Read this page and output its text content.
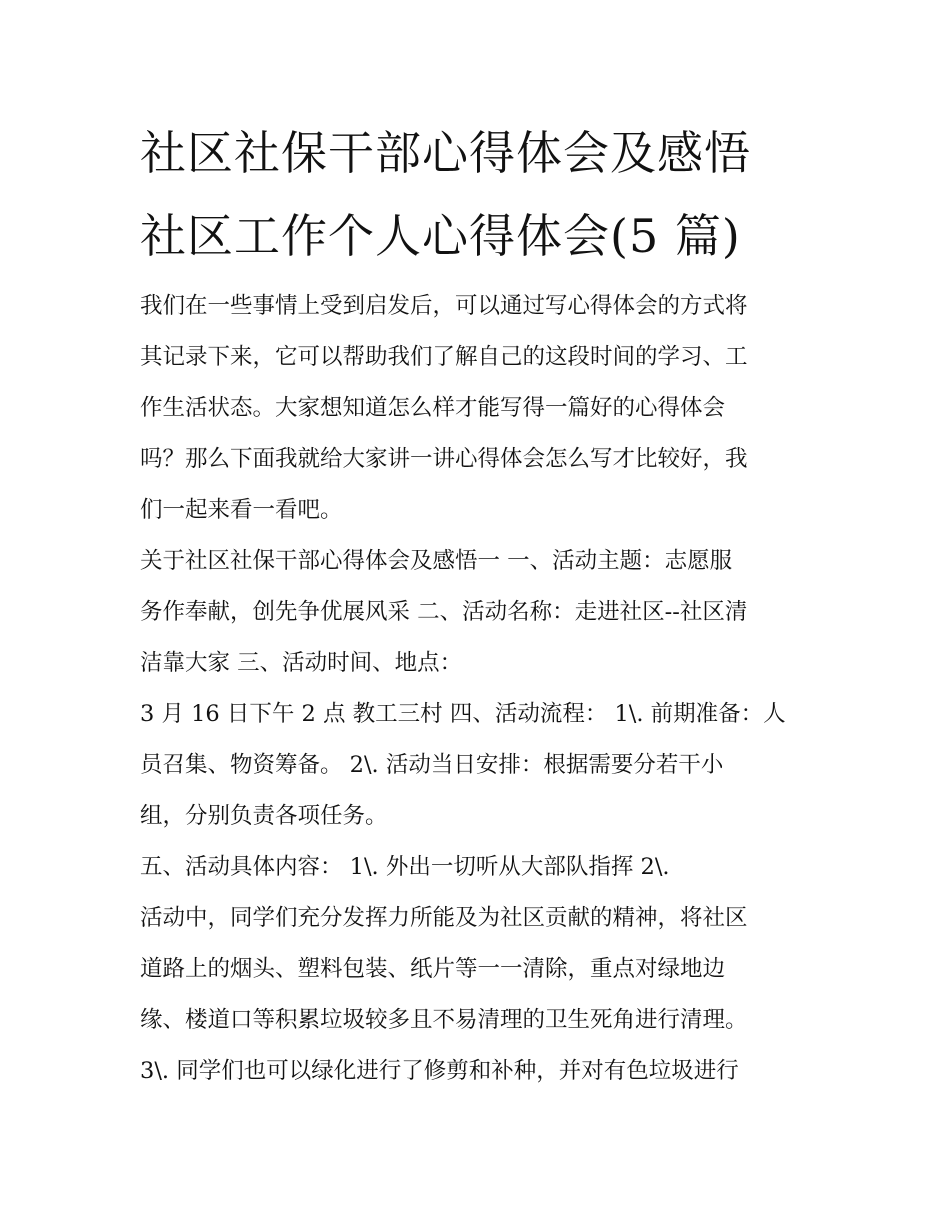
社区社保干部心得体会及感悟
社区工作个人心得体会(5 篇)
我们在一些事情上受到启发后，可以通过写心得体会的方式将
其记录下来，它可以帮助我们了解自己的这段时间的学习、工
作生活状态。大家想知道怎么样才能写得一篇好的心得体会
吗？那么下面我就给大家讲一讲心得体会怎么写才比较好，我
们一起来看一看吧。
关于社区社保干部心得体会及感悟一 一、活动主题：志愿服
务作奉献，创先争优展风采 二、活动名称：走进社区--社区清
洁靠大家 三、活动时间、地点：
3 月 16 日下午 2 点 教工三村 四、活动流程： 1\. 前期准备：人
员召集、物资筹备。 2\. 活动当日安排：根据需要分若干小
组，分别负责各项任务。
五、活动具体内容： 1\. 外出一切听从大部队指挥 2\.
活动中，同学们充分发挥力所能及为社区贡献的精神，将社区
道路上的烟头、塑料包装、纸片等一一清除，重点对绿地边
缘、楼道口等积累垃圾较多且不易清理的卫生死角进行清理。
3\. 同学们也可以绿化进行了修剪和补种，并对有色垃圾进行
